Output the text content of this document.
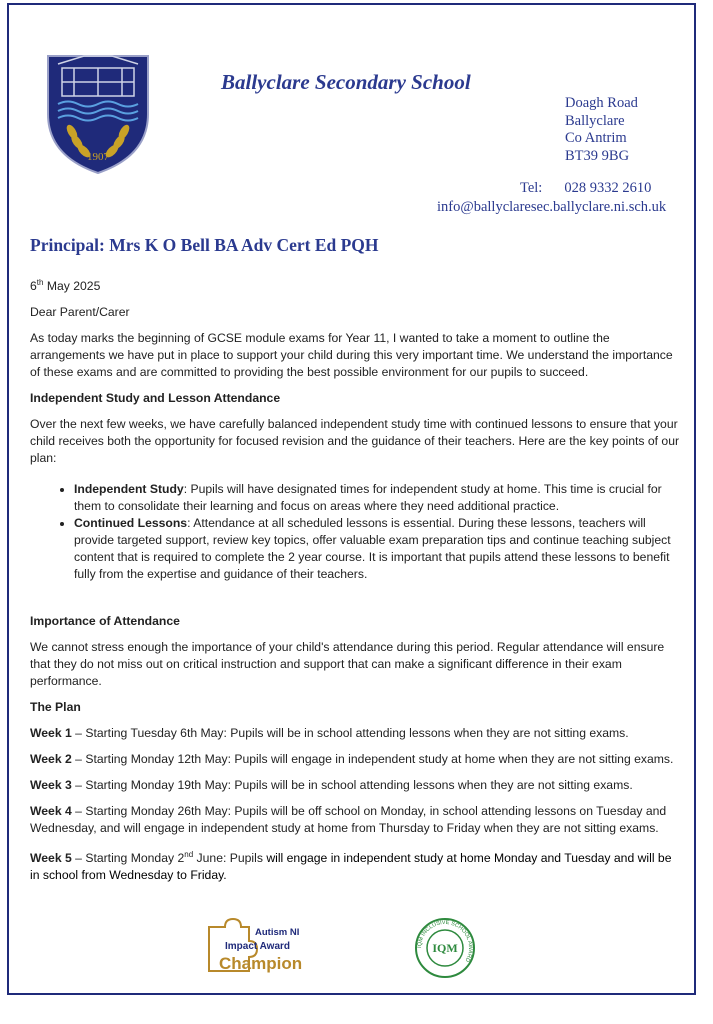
1907
Ballyclare Secondary School
Doagh Road
Ballyclare
Co Antrim
BT39 9BG
Tel: 028 9332 2610
info@ballyclaresec.ballyclare.ni.sch.uk
Principal: Mrs K O Bell BA Adv Cert Ed PQH

6th May 2025

Dear Parent/Carer

As today marks the beginning of GCSE module exams for Year 11, I wanted to take a moment to outline the arrangements we have put in place to support your child during this very important time. We understand the importance of these exams and are committed to providing the best possible environment for our pupils to succeed.

Independent Study and Lesson Attendance

Over the next few weeks, we have carefully balanced independent study time with continued lessons to ensure that your child receives both the opportunity for focused revision and the guidance of their teachers. Here are the key points of our plan:

• Independent Study: Pupils will have designated times for independent study at home. This time is crucial for them to consolidate their learning and focus on areas where they need additional practice.
• Continued Lessons: Attendance at all scheduled lessons is essential. During these lessons, teachers will provide targeted support, review key topics, offer valuable exam preparation tips and continue teaching subject content that is required to complete the 2 year course. It is important that pupils attend these lessons to benefit fully from the expertise and guidance of their teachers.

Importance of Attendance

We cannot stress enough the importance of your child's attendance during this period. Regular attendance will ensure that they do not miss out on critical instruction and support that can make a significant difference in their exam performance.

The Plan

Week 1 – Starting Tuesday 6th May: Pupils will be in school attending lessons when they are not sitting exams.

Week 2 – Starting Monday 12th May: Pupils will engage in independent study at home when they are not sitting exams.

Week 3 – Starting Monday 19th May: Pupils will be in school attending lessons when they are not sitting exams.

Week 4 – Starting Monday 26th May: Pupils will be off school on Monday, in school attending lessons on Tuesday and Wednesday, and will engage in independent study at home from Thursday to Friday when they are not sitting exams.

Week 5 – Starting Monday 2nd June: Pupils will engage in independent study at home Monday and Tuesday and will be in school from Wednesday to Friday.

Autism NI
Impact Award
Champion
IQM INCLUSIVE SCHOOL AWARD
IQM
